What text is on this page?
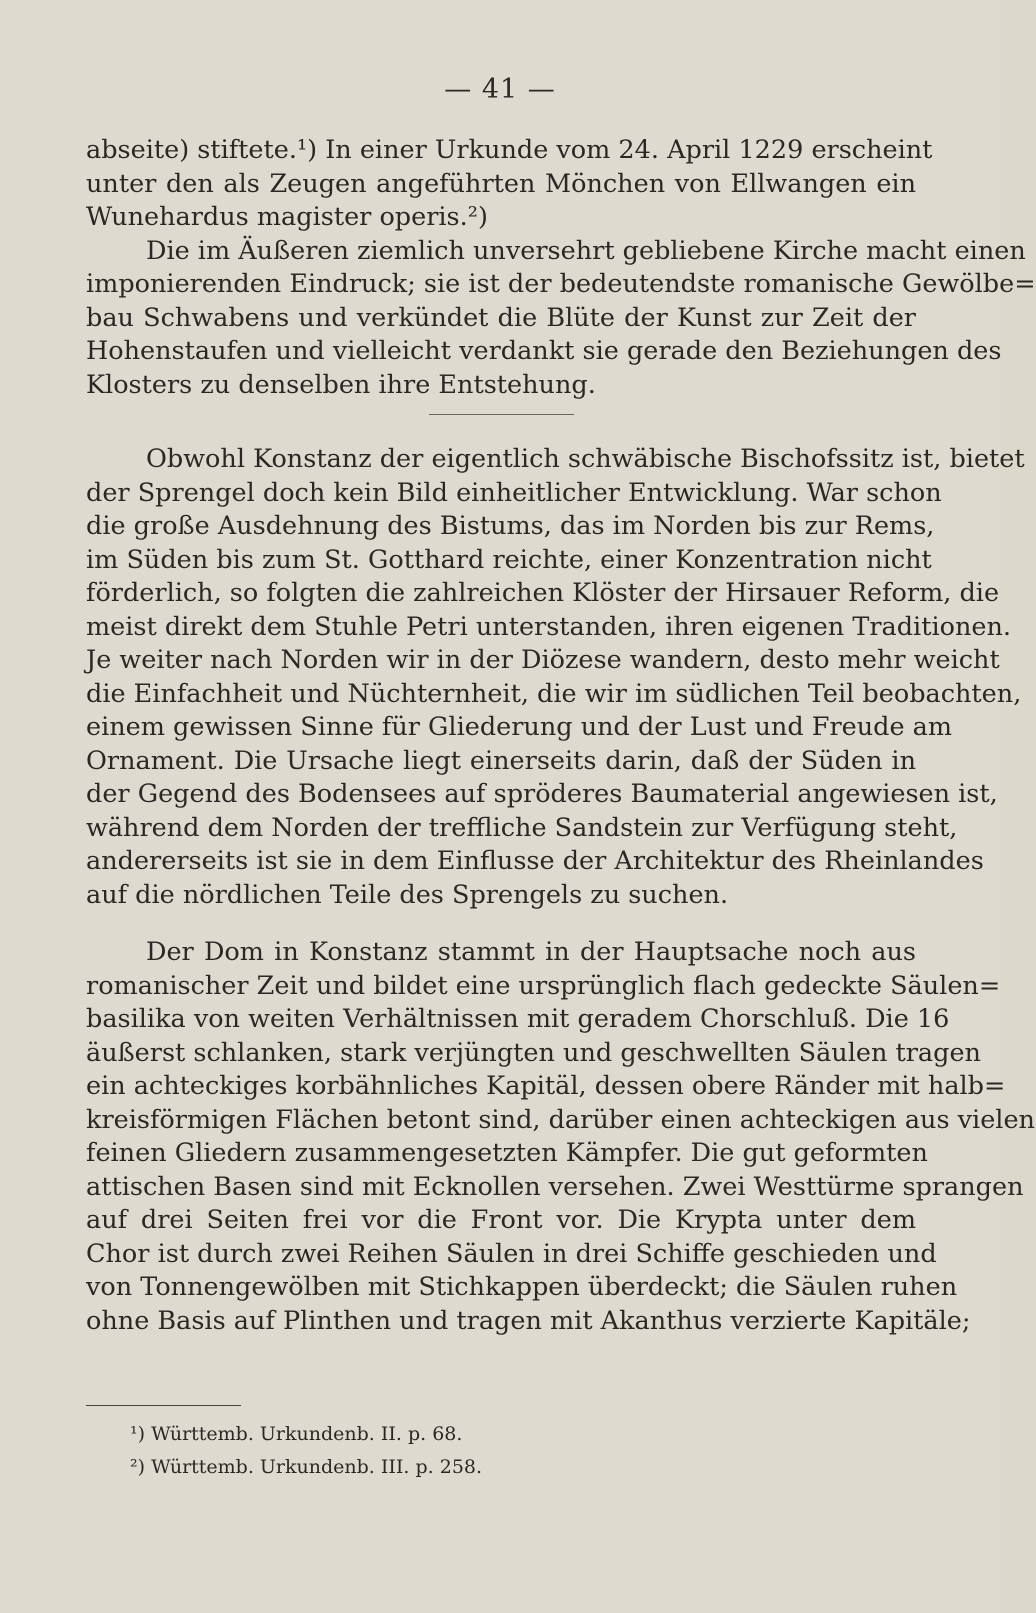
— 41 —
abseite) stiftete.¹) In einer Urkunde vom 24. April 1229 erscheint
unter den als Zeugen angeführten Mönchen von Ellwangen ein
Wunehardus magister operis.²)
Die im Äußeren ziemlich unversehrt gebliebene Kirche macht einen
imponierenden Eindruck; sie ist der bedeutendste romanische Gewölbe=
bau Schwabens und verkündet die Blüte der Kunst zur Zeit der
Hohenstaufen und vielleicht verdankt sie gerade den Beziehungen des
Klosters zu denselben ihre Entstehung.
Obwohl Konstanz der eigentlich schwäbische Bischofssitz ist, bietet
der Sprengel doch kein Bild einheitlicher Entwicklung. War schon
die große Ausdehnung des Bistums, das im Norden bis zur Rems,
im Süden bis zum St. Gotthard reichte, einer Konzentration nicht
förderlich, so folgten die zahlreichen Klöster der Hirsauer Reform, die
meist direkt dem Stuhle Petri unterstanden, ihren eigenen Traditionen.
Je weiter nach Norden wir in der Diözese wandern, desto mehr weicht
die Einfachheit und Nüchternheit, die wir im südlichen Teil beobachten,
einem gewissen Sinne für Gliederung und der Lust und Freude am
Ornament. Die Ursache liegt einerseits darin, daß der Süden in
der Gegend des Bodensees auf spröderes Baumaterial angewiesen ist,
während dem Norden der treffliche Sandstein zur Verfügung steht,
andererseits ist sie in dem Einflusse der Architektur des Rheinlandes
auf die nördlichen Teile des Sprengels zu suchen.
Der Dom in Konstanz stammt in der Hauptsache noch aus
romanischer Zeit und bildet eine ursprünglich flach gedeckte Säulen=
basilika von weiten Verhältnissen mit geradem Chorschluß. Die 16
äußerst schlanken, stark verjüngten und geschwellten Säulen tragen
ein achteckiges korbähnliches Kapitäl, dessen obere Ränder mit halb=
kreisförmigen Flächen betont sind, darüber einen achteckigen aus vielen
feinen Gliedern zusammengesetzten Kämpfer. Die gut geformten
attischen Basen sind mit Ecknollen versehen. Zwei Westtürme sprangen
auf drei Seiten frei vor die Front vor. Die Krypta unter dem
Chor ist durch zwei Reihen Säulen in drei Schiffe geschieden und
von Tonnengewölben mit Stichkappen überdeckt; die Säulen ruhen
ohne Basis auf Plinthen und tragen mit Akanthus verzierte Kapitäle;
¹) Württemb. Urkundenb. II. p. 68.
²) Württemb. Urkundenb. III. p. 258.
